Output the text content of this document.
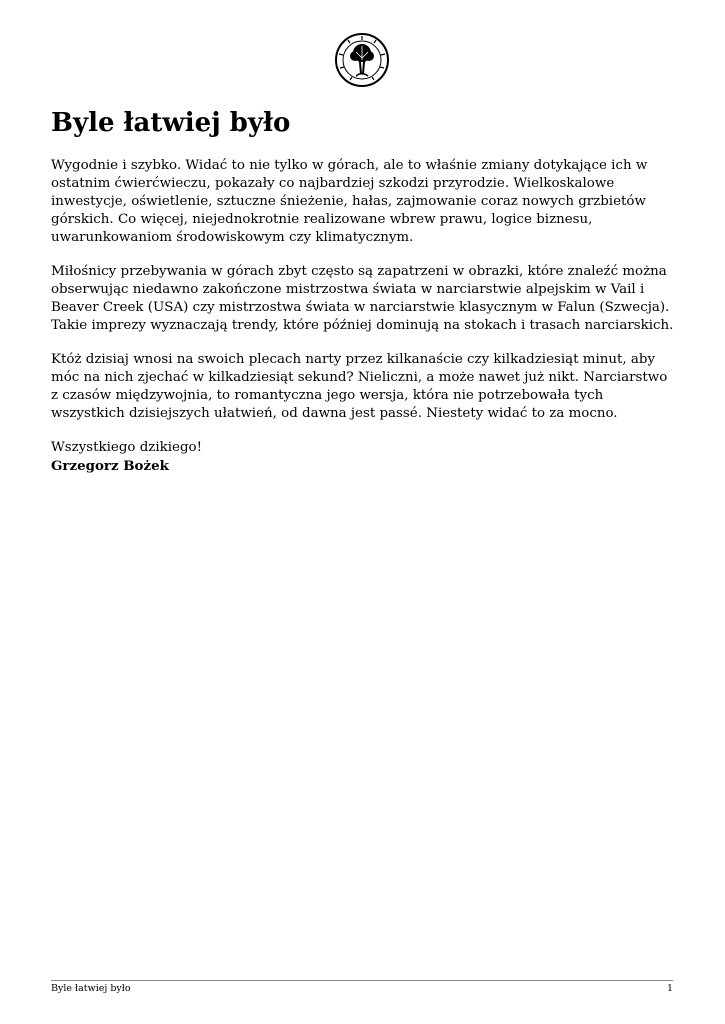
Byle łatwiej było

Wygodnie i szybko. Widać to nie tylko w górach, ale to właśnie zmiany dotykające ich w ostatnim ćwierćwieczu, pokazały co najbardziej szkodzi przyrodzie. Wielkoskalowe inwestycje, oświetlenie, sztuczne śnieżenie, hałas, zajmowanie coraz nowych grzbietów górskich. Co więcej, niejednokrotnie realizowane wbrew prawu, logice biznesu, uwarunkowaniom środowiskowym czy klimatycznym.

Miłośnicy przebywania w górach zbyt często są zapatrzeni w obrazki, które znaleźć można obserwując niedawno zakończone mistrzostwa świata w narciarstwie alpejskim w Vail i Beaver Creek (USA) czy mistrzostwa świata w narciarstwie klasycznym w Falun (Szwecja). Takie imprezy wyznaczają trendy, które później dominują na stokach i trasach narciarskich.

Któż dzisiaj wnosi na swoich plecach narty przez kilkanaście czy kilkadziesiąt minut, aby móc na nich zjechać w kilkadziesiąt sekund? Nieliczni, a może nawet już nikt. Narciarstwo z czasów międzywojnia, to romantyczna jego wersja, która nie potrzebowała tych wszystkich dzisiejszych ułatwień, od dawna jest passé. Niestety widać to za mocno.

Wszystkiego dzikiego!
Grzegorz Bożek

Byle łatwiej było	1
